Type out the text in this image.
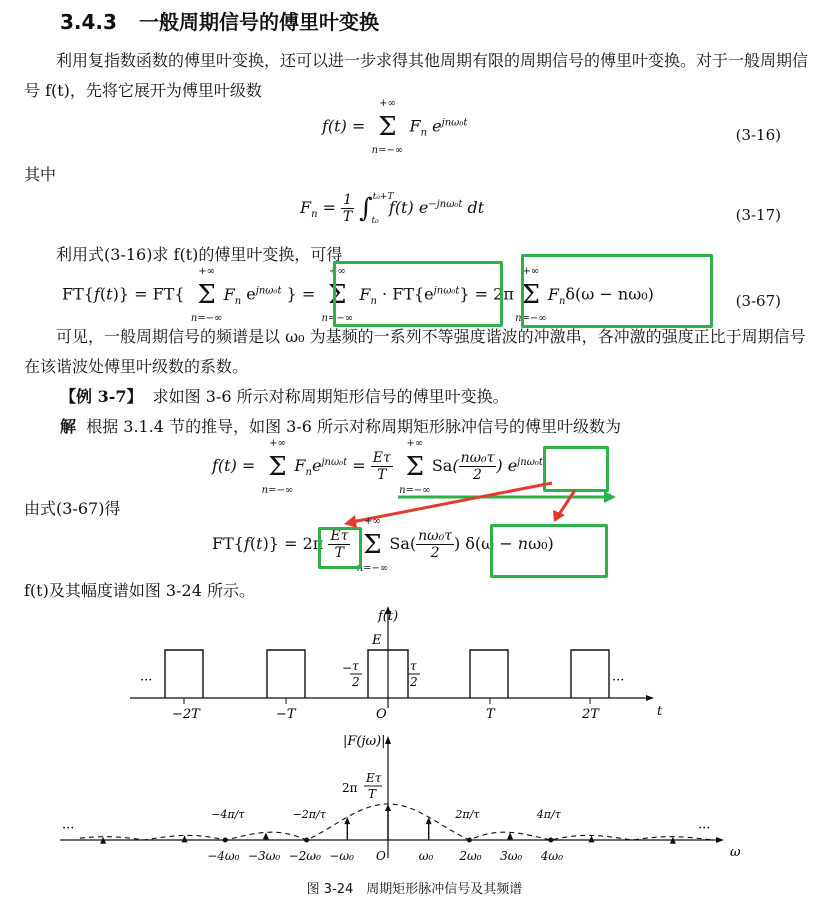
3.4.3 一般周期信号的傅里叶变换
利用复指数函数的傅里叶变换，还可以进一步求得其他周期有限的周期信号的傅里叶变换。对于一般周期信号 f(t)，先将它展开为傅里叶级数
f(t) =
+∞
Σ
n=−∞
$F_n$ $e^{jn\omega_0t}$
(3-16)
其中
$F_n = \frac{1}{T} \int^{t_0+T}_{t_0}$  f(t) $e^{-jn\omega_0t}$ dt	(3-17)
利用式(3-16)求 f(t)的傅里叶变换，可得
FT{f(t)} = FT{
+∞
Σ
n=−∞
$F_n$ $e^{jn\omega_0t}$ } =
+∞
Σ
n=−∞
$F_n \cdot FT\{e^{jn\omega_0t}\} = 2\pi$
+∞
Σ
n=−∞
$F_n\delta(\omega - n\omega_0)$	(3-67)
可见，一般周期信号的频谱是以 ω₀ 为基频的一系列不等强度谐波的冲激串，各冲激的强度正比于周期信号在该谐波处傅里叶级数的系数。
【例 3-7】 求如图 3-6 所示对称周期矩形信号的傅里叶变换。
解 根据 3.1.4 节的推导，如图 3-6 所示对称周期矩形脉冲信号的傅里叶级数为
f(t) =
+∞
Σ
n=−∞
$F_ne^{jn\omega_0t} = \frac{E\tau}{T}$

+∞
Σ
n=−∞
$Sa( \frac{\text{nω₀τ}}{2}$ ) $e^{jn\omega_0t}$
由式(3-67)得
$FT\{f(t)\} = 2\pi \frac{E\tau}{T}$

+∞
Σ
n=−∞
$Sa( \frac{\text{nω₀τ}}{2}$ ) δ(ω − nω₀)
f(t)及其幅度谱如图 3-24 所示。
f(t)
E
t
···	···
−2T	−T	O	T	2T
− τ
2
τ
2
|F(jω)|
2π
Eτ
T
ω
···	···
−4ω₀ −3ω₀ −2ω₀ −ω₀ O	ω₀ 2ω₀ 3ω₀ 4ω₀
−4π/τ	−2π/τ	2π/τ	4π/τ
图 3-24　周期矩形脉冲信号及其频谱
